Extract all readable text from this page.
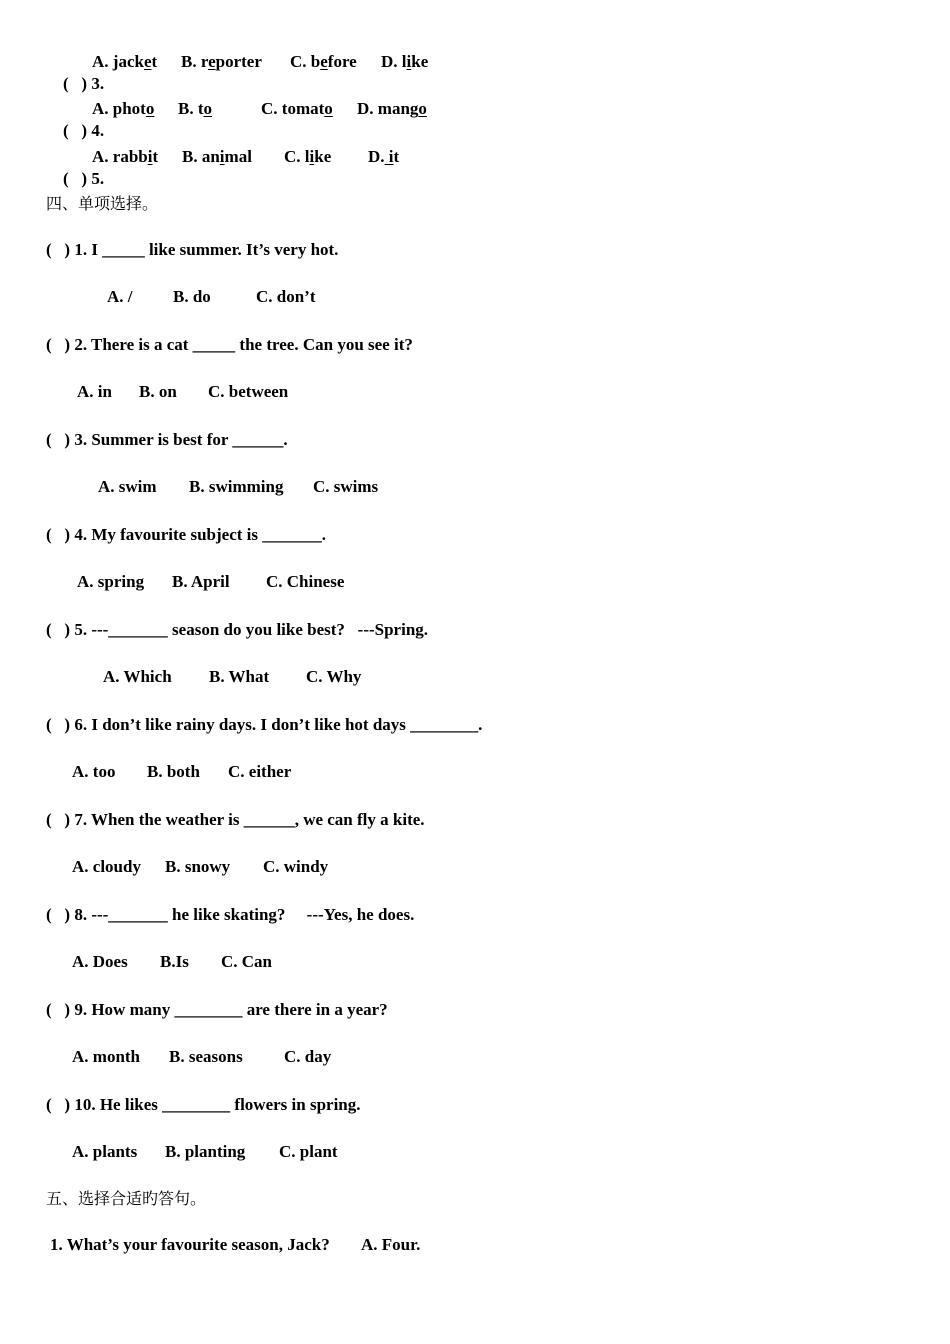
(   ) 3.

A. jacket B. reporter C. before D. like

(   ) 4.

A. photo B. to	C. tomato D. mango

(   ) 5.

A. rabbit B. animal C. like D. it
四、单项选择。
(   ) 1. I _____ like summer. It’s very hot.
A. / B. do	C. don’t
(   ) 2. There is a cat _____ the tree. Can you see it?
A. in B. on C. between
(   ) 3. Summer is best for ______.
A. swim B. swimming C. swims
(   ) 4. My favourite subject is _______.
A. spring B. April C. Chinese
(   ) 5. ---_______ season do you like best?   ---Spring.
A. Which B. What C. Why
(   ) 6. I don’t like rainy days. I don’t like hot days ________.
A. too B. both C. either
(   ) 7. When the weather is ______, we can fly a kite.
A. cloudy B. snowy C. windy
(   ) 8. ---_______ he like skating?     ---Yes, he does.
A. Does B.Is C. Can
(   ) 9. How many ________ are there in a year?
A. month B. seasons C. day
(   ) 10. He likes ________ flowers in spring.
A. plants B. planting C. plant
五、选择合适旳答句。
1. What’s your favourite season, Jack? A. Four.
